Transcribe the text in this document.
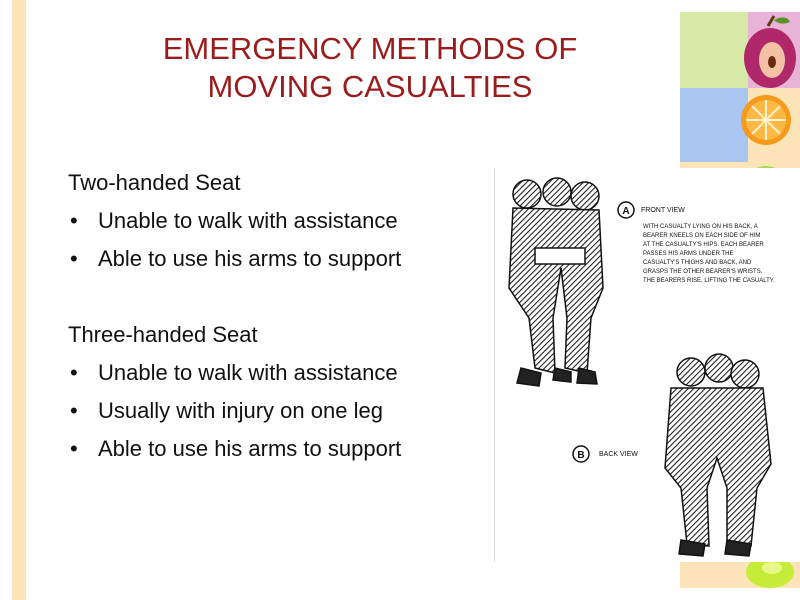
EMERGENCY METHODS OF
MOVING CASUALTIES
Two-handed Seat
• Unable to walk with assistance
• Able to use his arms to support
Three-handed Seat
• Unable to walk with assistance
• Usually with injury on one leg
• Able to use his arms to support
A FRONT VIEW
WITH CASUALTY LYING ON HIS BACK, A
BEARER KNEELS ON EACH SIDE OF HIM
AT THE CASUALTY'S HIPS. EACH BEARER
PASSES HIS ARMS UNDER THE
CASUALTY'S THIGHS AND BACK, AND
GRASPS THE OTHER BEARER'S WRISTS.
THE BEARERS RISE, LIFTING THE CASUALTY.
B BACK VIEW
